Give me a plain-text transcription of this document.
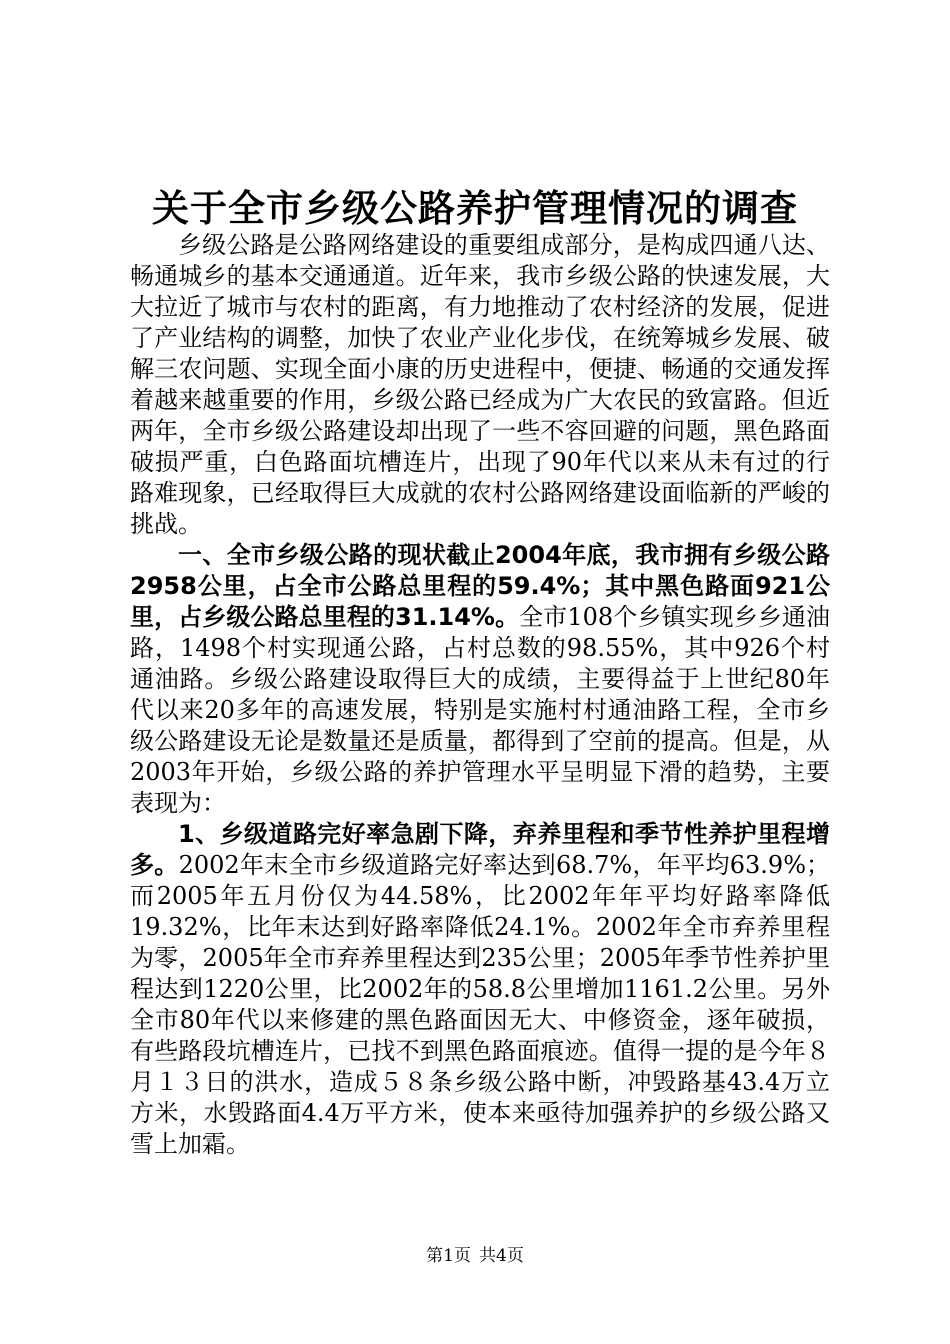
关于全市乡级公路养护管理情况的调查

乡级公路是公路网络建设的重要组成部分，是构成四通八达、畅通城乡的基本交通通道。近年来，我市乡级公路的快速发展，大大拉近了城市与农村的距离，有力地推动了农村经济的发展，促进了产业结构的调整，加快了农业产业化步伐，在统筹城乡发展、破解三农问题、实现全面小康的历史进程中，便捷、畅通的交通发挥着越来越重要的作用，乡级公路已经成为广大农民的致富路。但近两年，全市乡级公路建设却出现了一些不容回避的问题，黑色路面破损严重，白色路面坑槽连片，出现了90年代以来从未有过的行路难现象，已经取得巨大成就的农村公路网络建设面临新的严峻的挑战。

一、全市乡级公路的现状截止2004年底，我市拥有乡级公路2958公里，占全市公路总里程的59.4%；其中黑色路面921公里，占乡级公路总里程的31.14%。全市108个乡镇实现乡乡通油路，1498个村实现通公路，占村总数的98.55%，其中926个村通油路。乡级公路建设取得巨大的成绩，主要得益于上世纪80年代以来20多年的高速发展，特别是实施村村通油路工程，全市乡级公路建设无论是数量还是质量，都得到了空前的提高。但是，从2003年开始，乡级公路的养护管理水平呈明显下滑的趋势，主要表现为：

1、乡级道路完好率急剧下降，弃养里程和季节性养护里程增多。2002年末全市乡级道路完好率达到68.7%，年平均63.9%；而2005年五月份仅为44.58%，比2002年年平均好路率降低19.32%，比年末达到好路率降低24.1%。2002年全市弃养里程为零，2005年全市弃养里程达到235公里；2005年季节性养护里程达到1220公里，比2002年的58.8公里增加1161.2公里。另外全市80年代以来修建的黑色路面因无大、中修资金，逐年破损，有些路段坑槽连片，已找不到黑色路面痕迹。值得一提的是今年８月１３日的洪水，造成５８条乡级公路中断，冲毁路基43.4万立方米，水毁路面4.4万平方米，使本来亟待加强养护的乡级公路又雪上加霜。

第1页 共4页
